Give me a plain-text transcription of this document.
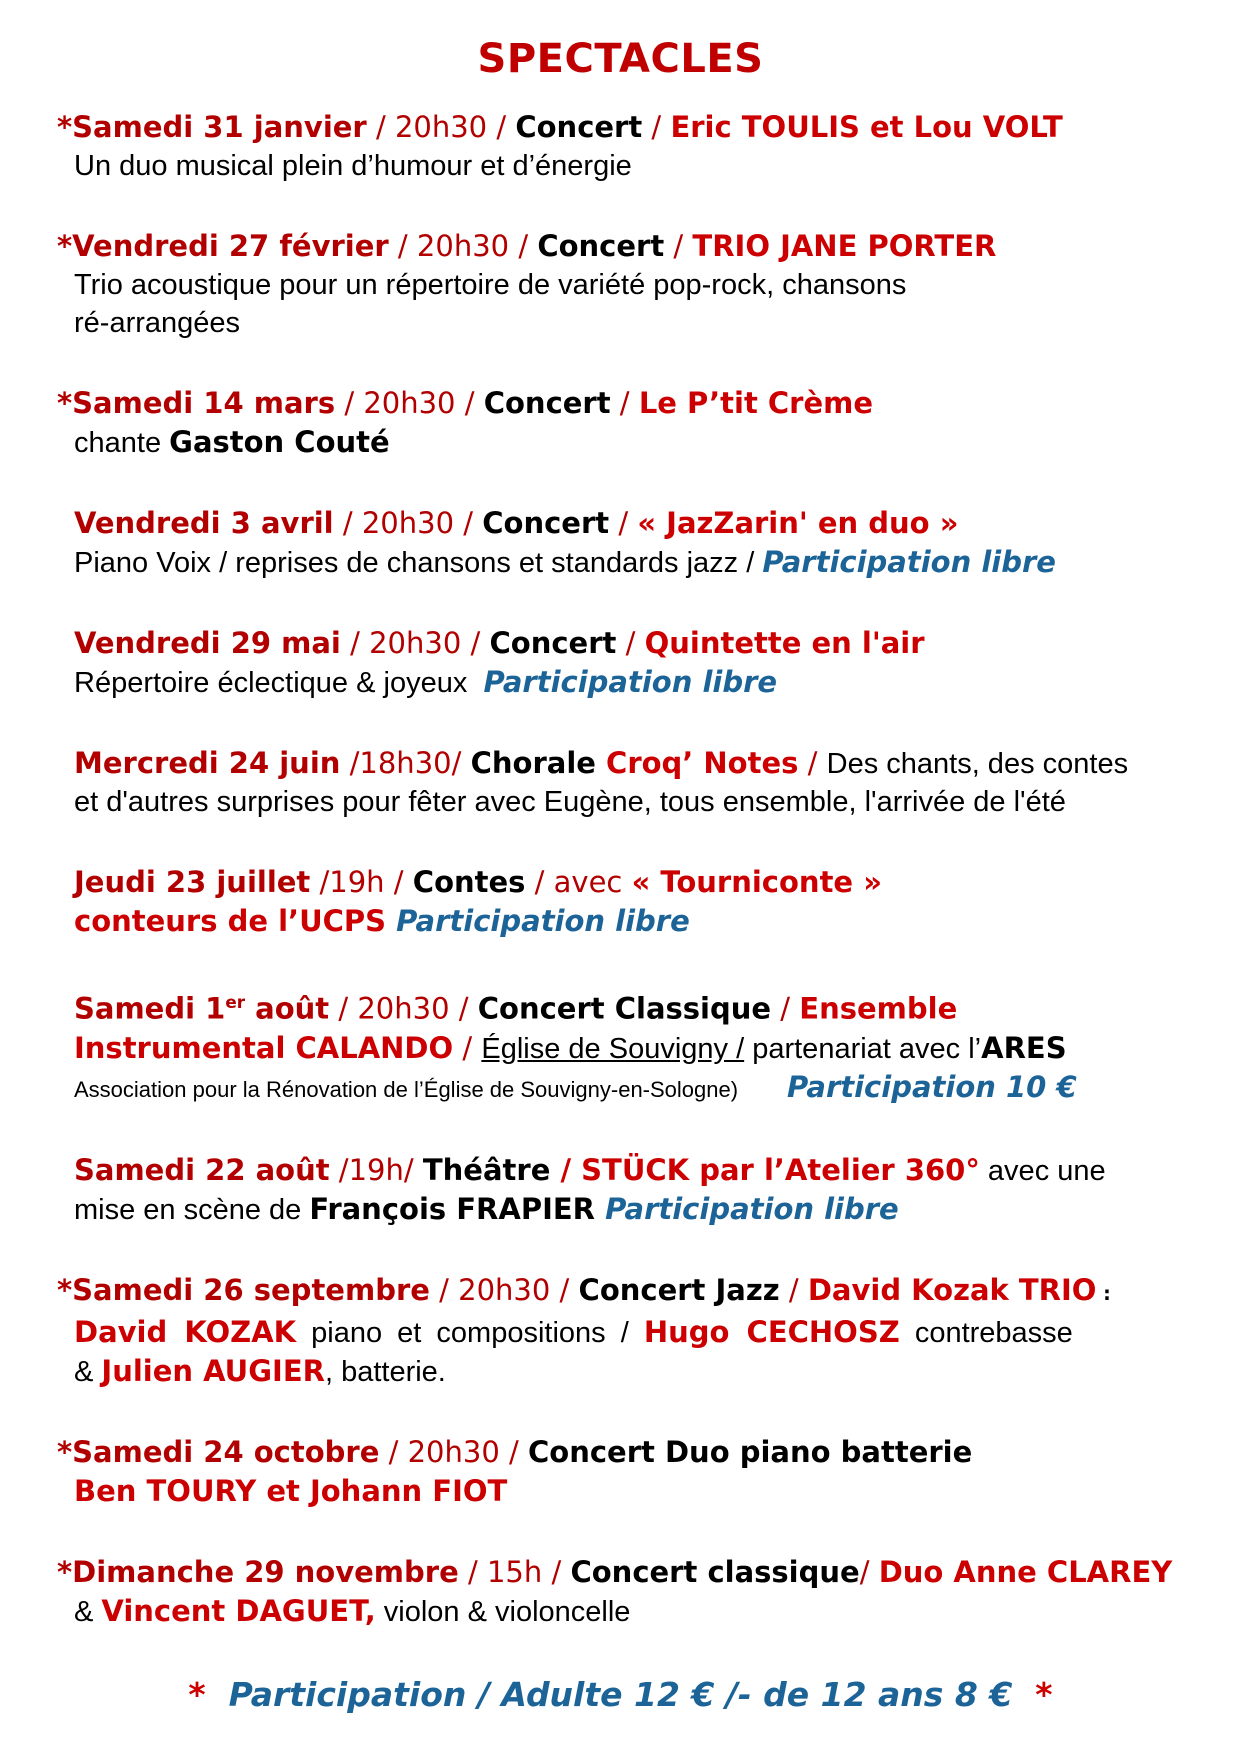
SPECTACLES
*Samedi 31 janvier / 20h30 / Concert / Eric TOULIS et Lou VOLT
Un duo musical plein d’humour et d’énergie
*Vendredi 27 février / 20h30 / Concert / TRIO JANE PORTER
Trio acoustique pour un répertoire de variété pop-rock, chansons
ré-arrangées
*Samedi 14 mars / 20h30 / Concert / Le P’tit Crème
chante Gaston Couté
Vendredi 3 avril / 20h30 / Concert / « JazZarin' en duo »
Piano Voix / reprises de chansons et standards jazz / Participation libre
Vendredi 29 mai / 20h30 / Concert / Quintette en l'air
Répertoire éclectique & joyeux  Participation libre
Mercredi 24 juin /18h30/ Chorale Croq’ Notes / Des chants, des contes
et d'autres surprises pour fêter avec Eugène, tous ensemble, l'arrivée de l'été
Jeudi 23 juillet /19h / Contes / avec « Tourniconte »
conteurs de l’UCPS Participation libre
Samedi 1er août / 20h30 / Concert Classique / Ensemble
Instrumental CALANDO / Église de Souvigny / partenariat avec l’ARES
Association pour la Rénovation de l’Église de Souvigny-en-Sologne) Participation 10 €
Samedi 22 août /19h/ Théâtre / STÜCK par l’Atelier 360° avec une
mise en scène de François FRAPIER Participation libre
*Samedi 26 septembre / 20h30 / Concert Jazz / David Kozak TRIO :
David KOZAK piano et compositions / Hugo CECHOSZ contrebasse
& Julien AUGIER, batterie.
*Samedi 24 octobre / 20h30 / Concert Duo piano batterie
Ben TOURY et Johann FIOT
*Dimanche 29 novembre / 15h / Concert classique/ Duo Anne CLAREY
& Vincent DAGUET, violon & violoncelle
*  Participation / Adulte 12 € /- de 12 ans 8 €  *
